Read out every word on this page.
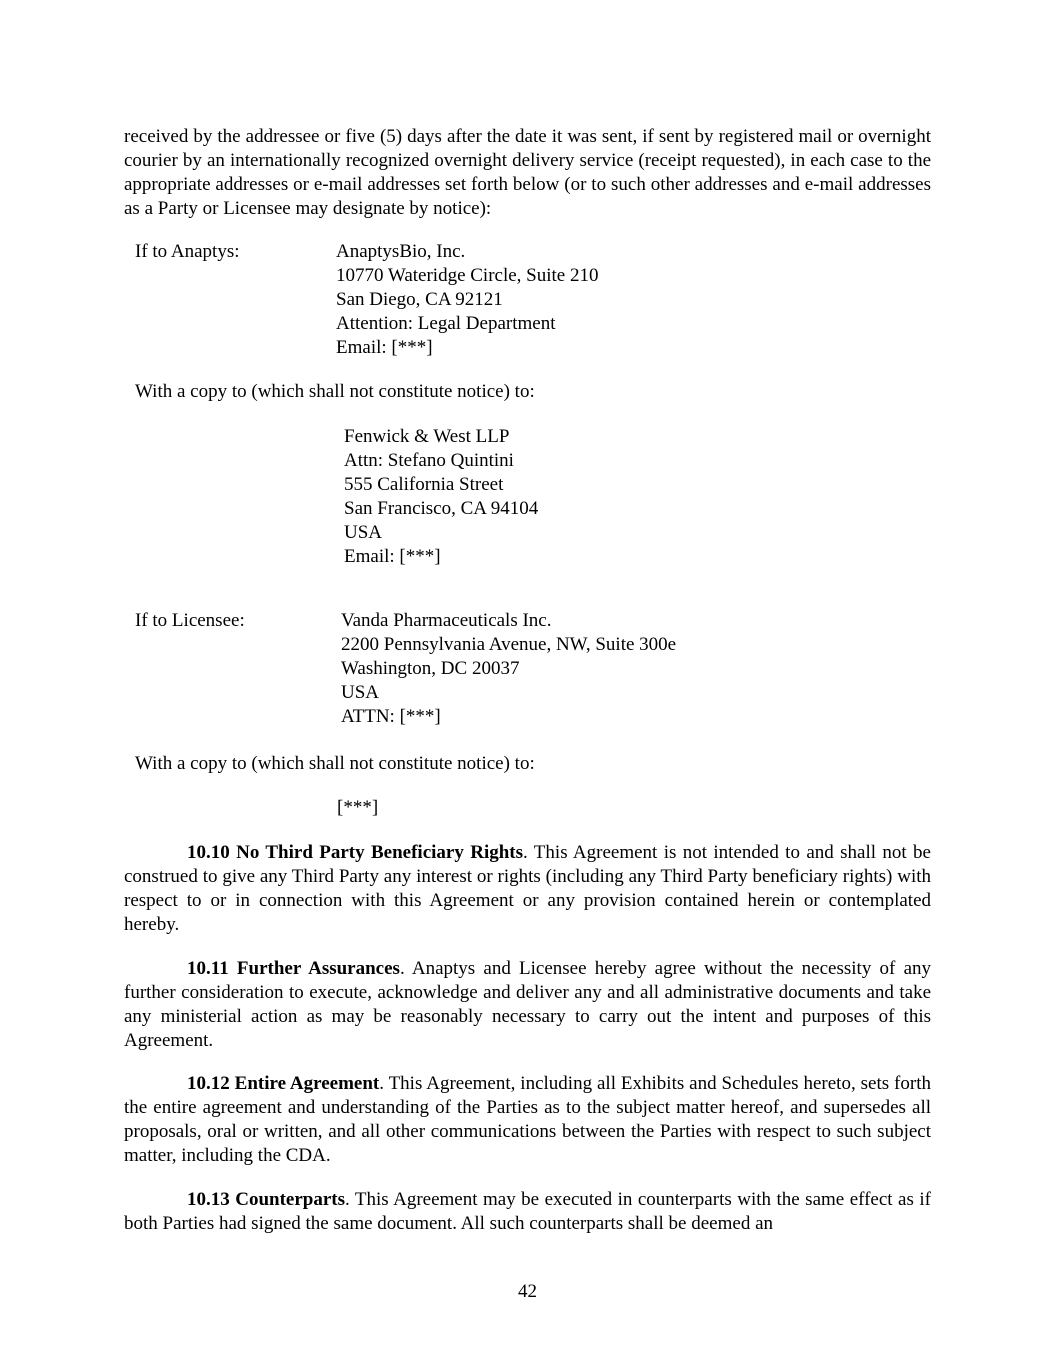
received by the addressee or five (5) days after the date it was sent, if sent by registered mail or overnight courier by an internationally recognized overnight delivery service (receipt requested), in each case to the appropriate addresses or e-mail addresses set forth below (or to such other addresses and e-mail addresses as a Party or Licensee may designate by notice):

If to Anaptys:	AnaptysBio, Inc.
10770 Wateridge Circle, Suite 210
San Diego, CA 92121
Attention: Legal Department
Email: [***]

With a copy to (which shall not constitute notice) to:

Fenwick & West LLP
Attn: Stefano Quintini
555 California Street
San Francisco, CA 94104
USA
Email: [***]

If to Licensee:	Vanda Pharmaceuticals Inc.
2200 Pennsylvania Avenue, NW, Suite 300e
Washington, DC 20037
USA
ATTN: [***]

With a copy to (which shall not constitute notice) to:

[***]

10.10 No Third Party Beneficiary Rights. This Agreement is not intended to and shall not be construed to give any Third Party any interest or rights (including any Third Party beneficiary rights) with respect to or in connection with this Agreement or any provision contained herein or contemplated hereby.

10.11 Further Assurances. Anaptys and Licensee hereby agree without the necessity of any further consideration to execute, acknowledge and deliver any and all administrative documents and take any ministerial action as may be reasonably necessary to carry out the intent and purposes of this Agreement.

10.12 Entire Agreement. This Agreement, including all Exhibits and Schedules hereto, sets forth the entire agreement and understanding of the Parties as to the subject matter hereof, and supersedes all proposals, oral or written, and all other communications between the Parties with respect to such subject matter, including the CDA.

10.13 Counterparts. This Agreement may be executed in counterparts with the same effect as if both Parties had signed the same document. All such counterparts shall be deemed an

42
